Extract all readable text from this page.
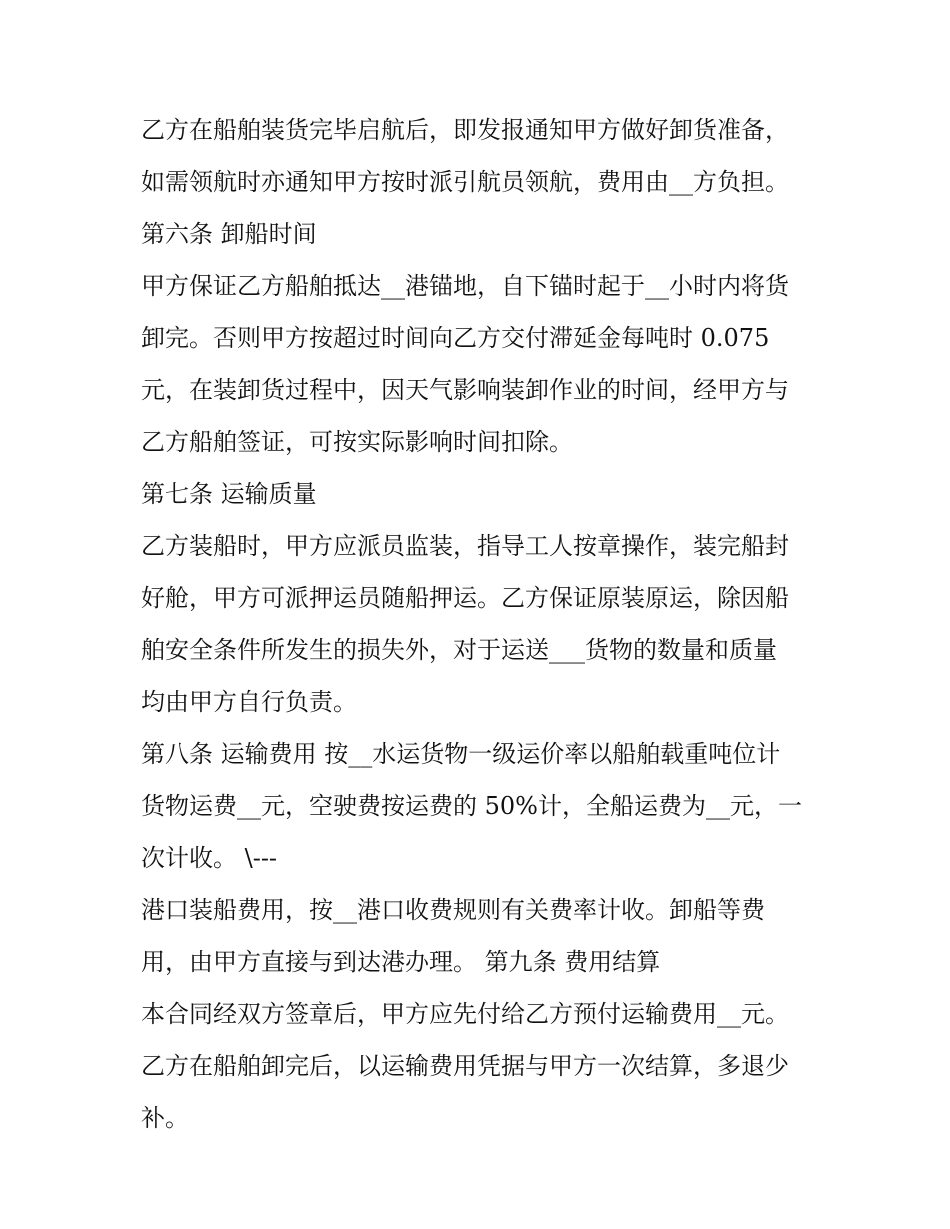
乙方在船舶装货完毕启航后，即发报通知甲方做好卸货准备，
如需领航时亦通知甲方按时派引航员领航，费用由__方负担。
第六条 卸船时间
甲方保证乙方船舶抵达__港锚地，自下锚时起于__小时内将货
卸完。否则甲方按超过时间向乙方交付滞延金每吨时 0.075
元，在装卸货过程中，因天气影响装卸作业的时间，经甲方与
乙方船舶签证，可按实际影响时间扣除。
第七条 运输质量
乙方装船时，甲方应派员监装，指导工人按章操作，装完船封
好舱，甲方可派押运员随船押运。乙方保证原装原运，除因船
舶安全条件所发生的损失外，对于运送___货物的数量和质量
均由甲方自行负责。
第八条 运输费用 按__水运货物一级运价率以船舶载重吨位计
货物运费__元，空驶费按运费的 50%计，全船运费为__元，一
次计收。 \---
港口装船费用，按__港口收费规则有关费率计收。卸船等费
用，由甲方直接与到达港办理。 第九条 费用结算
本合同经双方签章后，甲方应先付给乙方预付运输费用__元。
乙方在船舶卸完后，以运输费用凭据与甲方一次结算，多退少
补。
